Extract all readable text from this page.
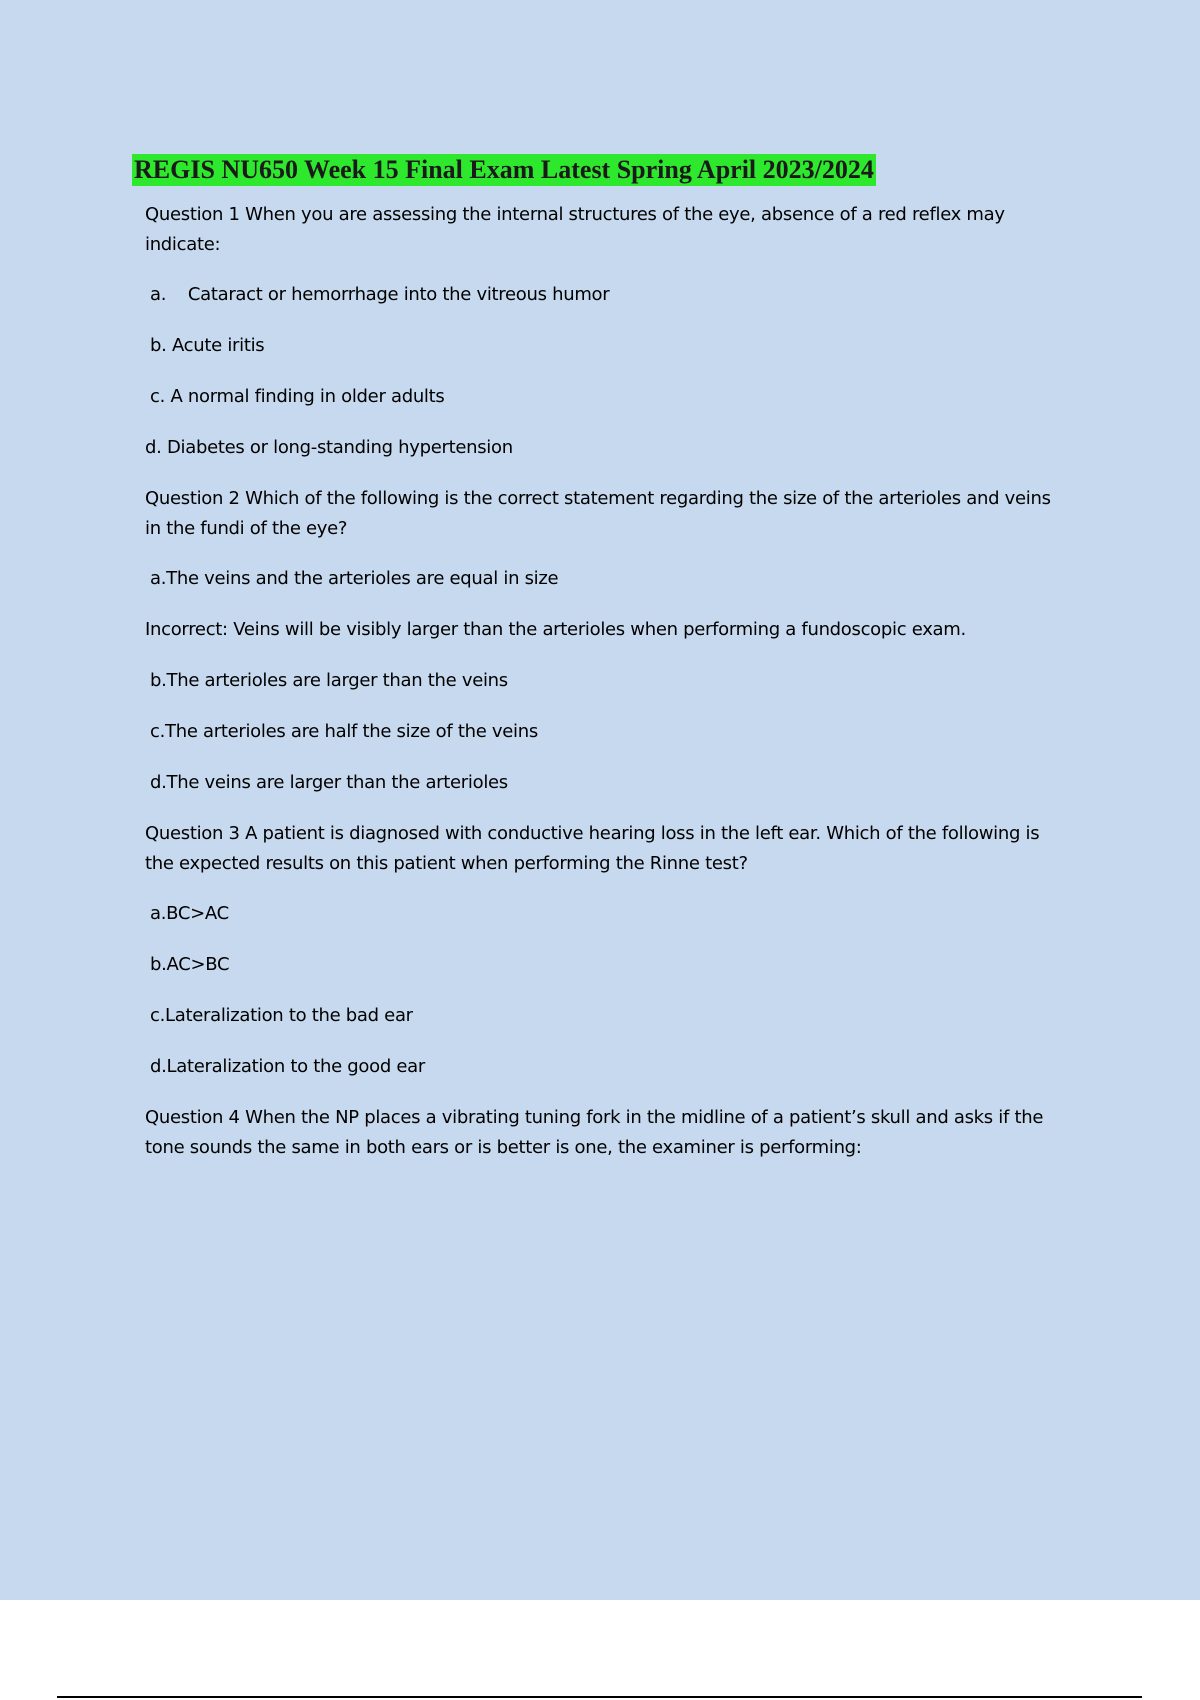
REGIS NU650 Week 15 Final Exam Latest Spring April 2023/2024

Question 1 When you are assessing the internal structures of the eye, absence of a red reflex may

indicate:

a.    Cataract or hemorrhage into the vitreous humor

b. Acute iritis

c. A normal finding in older adults

d. Diabetes or long-standing hypertension

Question 2 Which of the following is the correct statement regarding the size of the arterioles and veins

in the fundi of the eye?

a.The veins and the arterioles are equal in size

Incorrect: Veins will be visibly larger than the arterioles when performing a fundoscopic exam.

b.The arterioles are larger than the veins

c.The arterioles are half the size of the veins

d.The veins are larger than the arterioles

Question 3 A patient is diagnosed with conductive hearing loss in the left ear. Which of the following is

the expected results on this patient when performing the Rinne test?

a.BC>AC

b.AC>BC

c.Lateralization to the bad ear

d.Lateralization to the good ear

Question 4 When the NP places a vibrating tuning fork in the midline of a patient’s skull and asks if the

tone sounds the same in both ears or is better is one, the examiner is performing:
